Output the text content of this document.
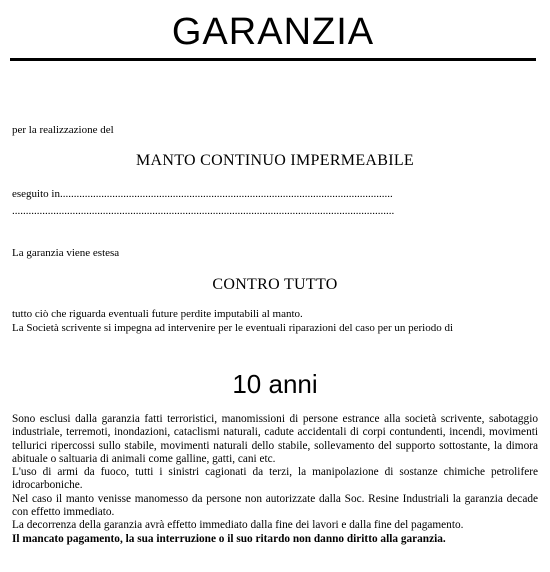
GARANZIA
per la realizzazione del
MANTO CONTINUO IMPERMEABILE
eseguito in.........................................................................................................................
...........................................................................................................................................
La garanzia viene estesa
CONTRO TUTTO
tutto ciò che riguarda eventuali future perdite imputabili al manto.
La Società scrivente si impegna ad intervenire per le eventuali riparazioni del caso per un periodo di
10 anni

Sono esclusi dalla garanzia fatti terroristici, manomissioni di persone estrance alla società scrivente, sabotaggio industriale, terremoti, inondazioni, cataclismi naturali, cadute accidentali di corpi contundenti, incendi, movimenti tellurici ripercossi sullo stabile, movimenti naturali dello stabile, sollevamento del supporto sottostante, la dimora abituale o saltuaria di animali come galline, gatti, cani etc.

L'uso di armi da fuoco, tutti i sinistri cagionati da terzi, la manipolazione di sostanze chimiche petrolifere idrocarboniche.

Nel caso il manto venisse manomesso da persone non autorizzate dalla Soc. Resine Industriali la garanzia decade con effetto immediato.

La decorrenza della garanzia avrà effetto immediato dalla fine dei lavori e dalla fine del pagamento.

Il mancato pagamento, la sua interruzione o il suo ritardo non danno diritto alla garanzia.
